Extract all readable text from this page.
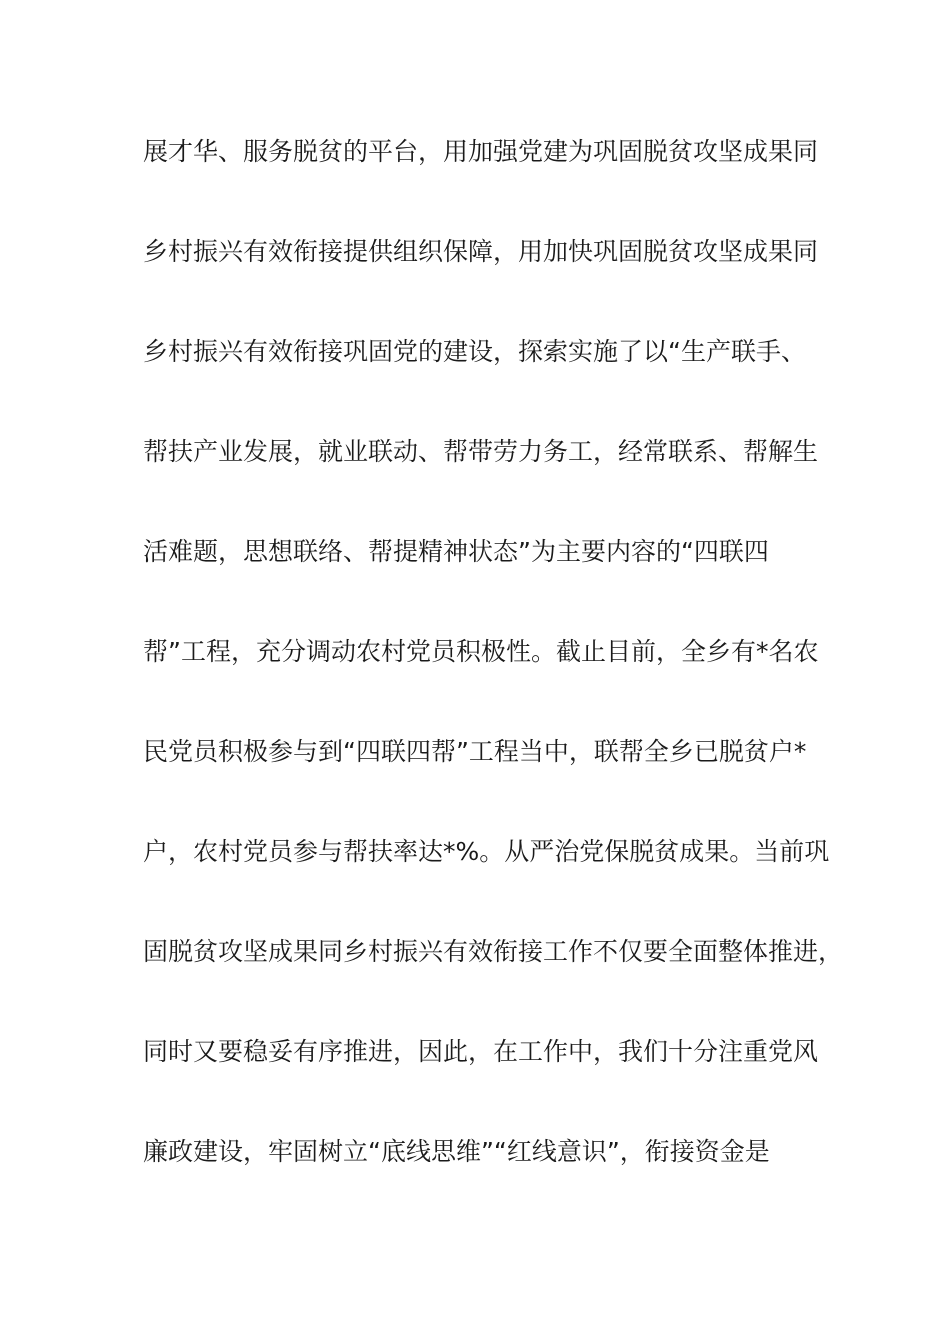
展才华、服务脱贫的平台，用加强党建为巩固脱贫攻坚成果同
乡村振兴有效衔接提供组织保障，用加快巩固脱贫攻坚成果同
乡村振兴有效衔接巩固党的建设，探索实施了以“生产联手、
帮扶产业发展，就业联动、帮带劳力务工，经常联系、帮解生
活难题，思想联络、帮提精神状态”为主要内容的“四联四
帮”工程，充分调动农村党员积极性。截止目前，全乡有*名农
民党员积极参与到“四联四帮”工程当中，联帮全乡已脱贫户*
户，农村党员参与帮扶率达*%。从严治党保脱贫成果。当前巩
固脱贫攻坚成果同乡村振兴有效衔接工作不仅要全面整体推进，
同时又要稳妥有序推进，因此，在工作中，我们十分注重党风
廉政建设，牢固树立“底线思维”“红线意识”，衔接资金是
